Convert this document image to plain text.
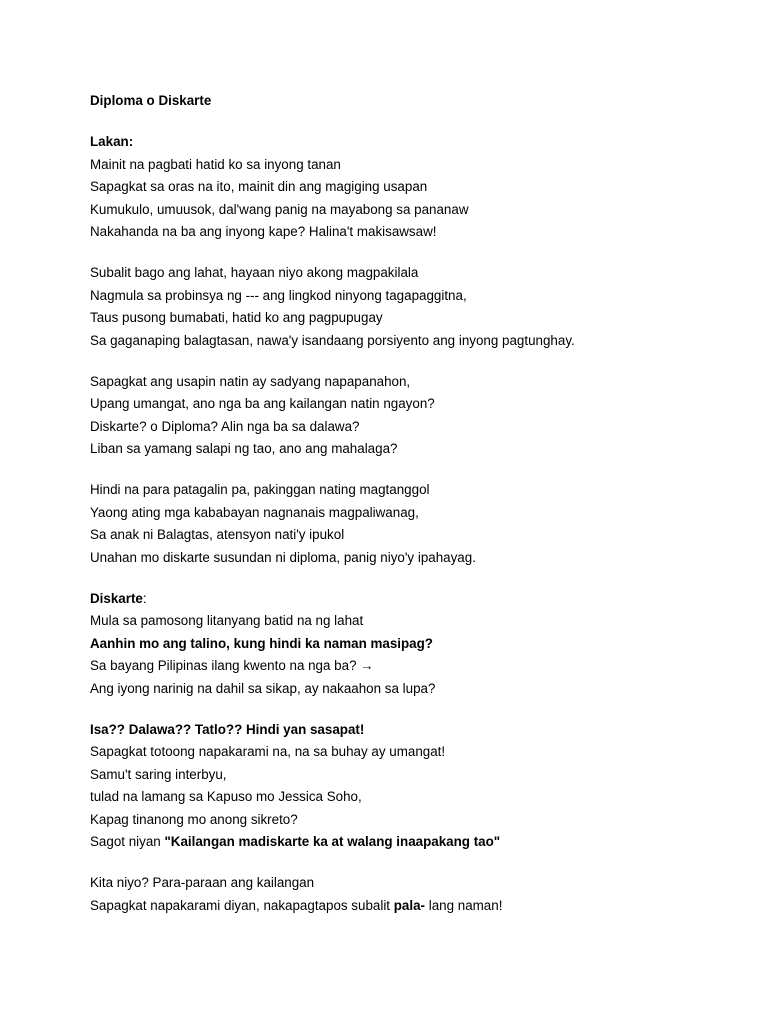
Diploma o Diskarte

Lakan:

Mainit na pagbati hatid ko sa inyong tanan

Sapagkat sa oras na ito, mainit din ang magiging usapan

Kumukulo, umuusok, dal'wang panig na mayabong sa pananaw

Nakahanda na ba ang inyong kape? Halina't makisawsaw!

Subalit bago ang lahat, hayaan niyo akong magpakilala

Nagmula sa probinsya ng --- ang lingkod ninyong tagapaggitna,

Taus pusong bumabati, hatid ko ang pagpupugay

Sa gaganaping balagtasan, nawa'y isandaang porsiyento ang inyong pagtunghay.

Sapagkat ang usapin natin ay sadyang napapanahon,

Upang umangat, ano nga ba ang kailangan natin ngayon?

Diskarte? o Diploma? Alin nga ba sa dalawa?

Liban sa yamang salapi ng tao, ano ang mahalaga?

Hindi na para patagalin pa, pakinggan nating magtanggol

Yaong ating mga kababayan nagnanais magpaliwanag,

Sa anak ni Balagtas, atensyon nati'y ipukol

Unahan mo diskarte susundan ni diploma, panig niyo'y ipahayag.

Diskarte:

Mula sa pamosong litanyang batid na ng lahat

Aanhin mo ang talino, kung hindi ka naman masipag?

Sa bayang Pilipinas ilang kwento na nga ba? →

Ang iyong narinig na dahil sa sikap, ay nakaahon sa lupa?

Isa?? Dalawa?? Tatlo?? Hindi yan sasapat!

Sapagkat totoong napakarami na, na sa buhay ay umangat!

Samu't saring interbyu,

tulad na lamang sa Kapuso mo Jessica Soho,

Kapag tinanong mo anong sikreto?

Sagot niyan "Kailangan madiskarte ka at walang inaapakang tao"

Kita niyo? Para-paraan ang kailangan

Sapagkat napakarami diyan, nakapagtapos subalit pala- lang naman!
